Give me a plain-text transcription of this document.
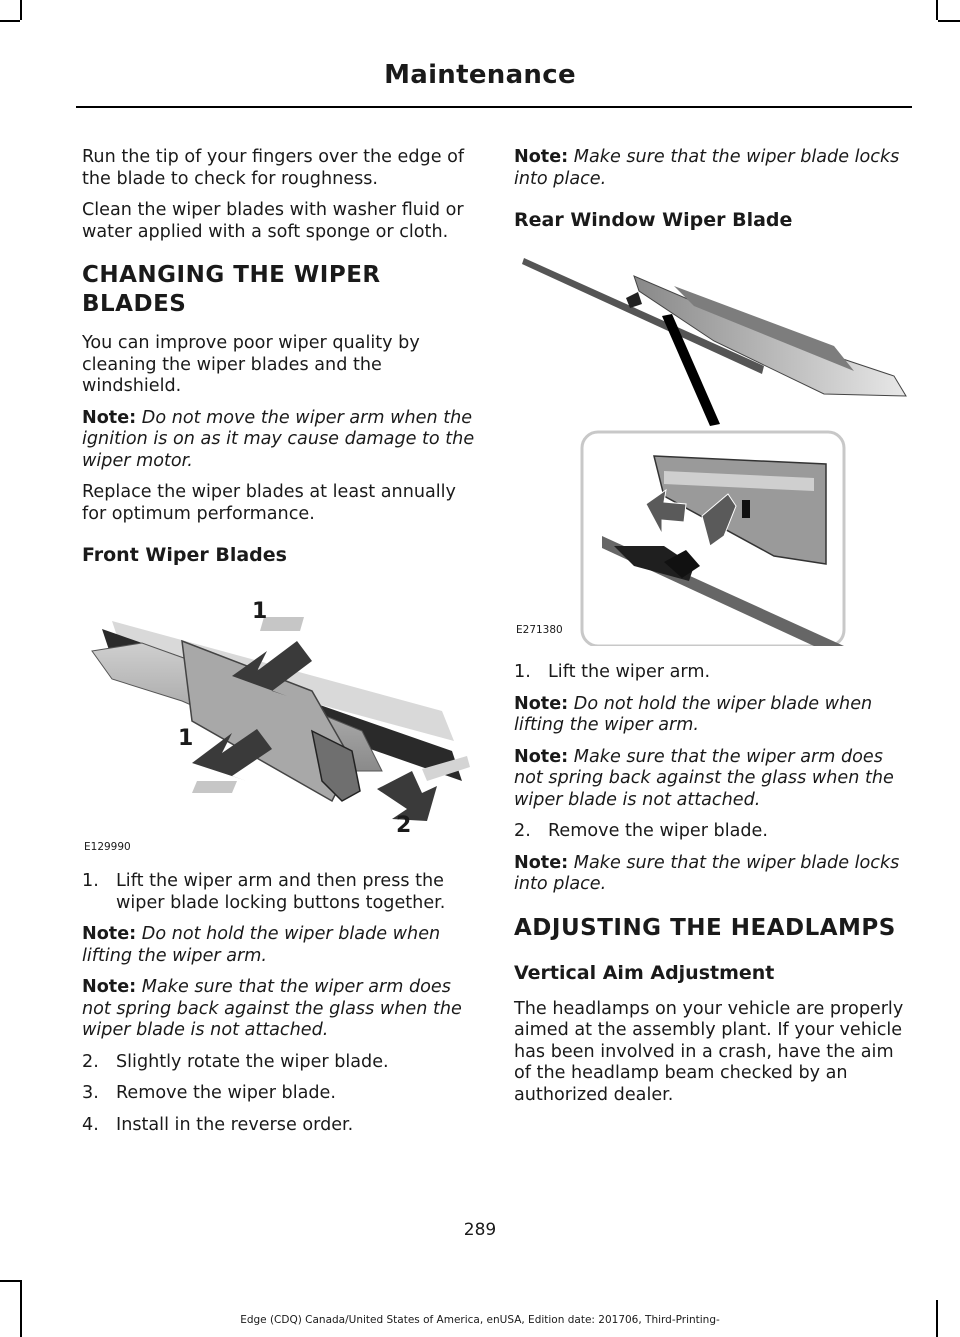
Maintenance

Run the tip of your fingers over the edge of the blade to check for roughness.

Clean the wiper blades with washer fluid or water applied with a soft sponge or cloth.

CHANGING THE WIPER BLADES

You can improve poor wiper quality by cleaning the wiper blades and the windshield.

Note: Do not move the wiper arm when the ignition is on as it may cause damage to the wiper motor.

Replace the wiper blades at least annually for optimum performance.

Front Wiper Blades
1
1
2
E129990
1. Lift the wiper arm and then press the wiper blade locking buttons together.

Note: Do not hold the wiper blade when lifting the wiper arm.

Note: Make sure that the wiper arm does not spring back against the glass when the wiper blade is not attached.

2. Slightly rotate the wiper blade.
3. Remove the wiper blade.
4. Install in the reverse order.

Note: Make sure that the wiper blade locks into place.

Rear Window Wiper Blade
E271380
1. Lift the wiper arm.

Note: Do not hold the wiper blade when lifting the wiper arm.

Note: Make sure that the wiper arm does not spring back against the glass when the wiper blade is not attached.

2. Remove the wiper blade.

Note: Make sure that the wiper blade locks into place.

ADJUSTING THE HEADLAMPS
Vertical Aim Adjustment

The headlamps on your vehicle are properly aimed at the assembly plant. If your vehicle has been involved in a crash, have the aim of the headlamp beam checked by an authorized dealer.

289
Edge (CDQ) Canada/United States of America, enUSA, Edition date: 201706, Third-Printing-
